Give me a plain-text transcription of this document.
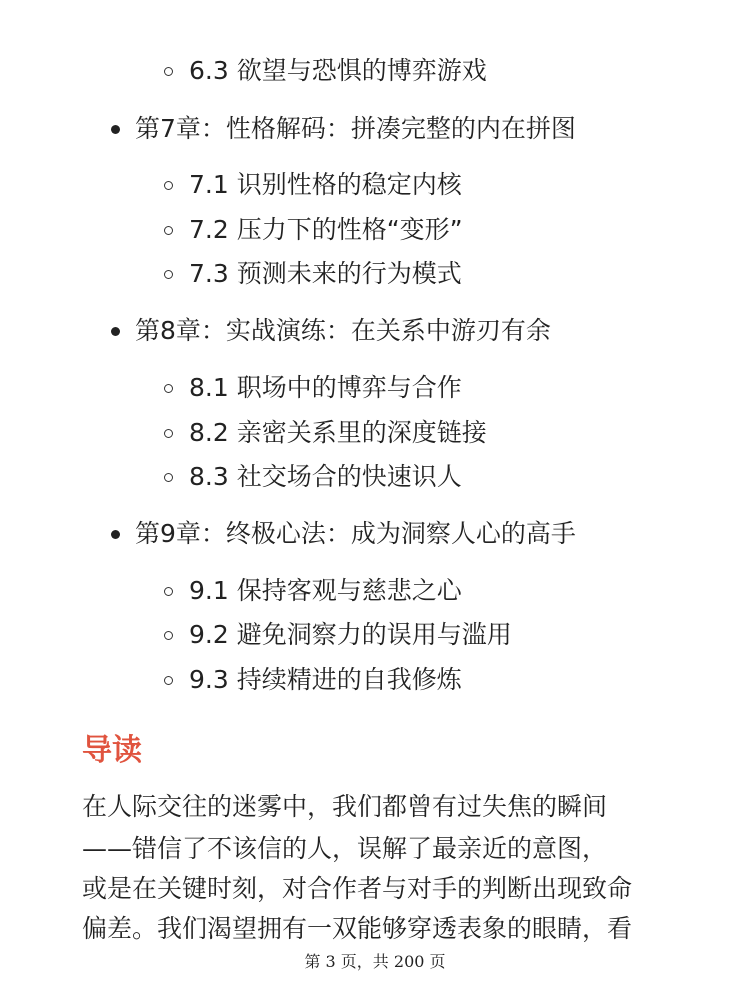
6.3 欲望与恐惧的博弈游戏
第7章：性格解码：拼凑完整的内在拼图
7.1 识别性格的稳定内核
7.2 压力下的性格“变形”
7.3 预测未来的行为模式
第8章：实战演练：在关系中游刃有余
8.1 职场中的博弈与合作
8.2 亲密关系里的深度链接
8.3 社交场合的快速识人
第9章：终极心法：成为洞察人心的高手
9.1 保持客观与慈悲之心
9.2 避免洞察力的误用与滥用
9.3 持续精进的自我修炼
导读
在人际交往的迷雾中，我们都曾有过失焦的瞬间
——错信了不该信的人，误解了最亲近的意图，
或是在关键时刻，对合作者与对手的判断出现致命
偏差。我们渴望拥有一双能够穿透表象的眼睛，看
第 3 页，共 200 页
